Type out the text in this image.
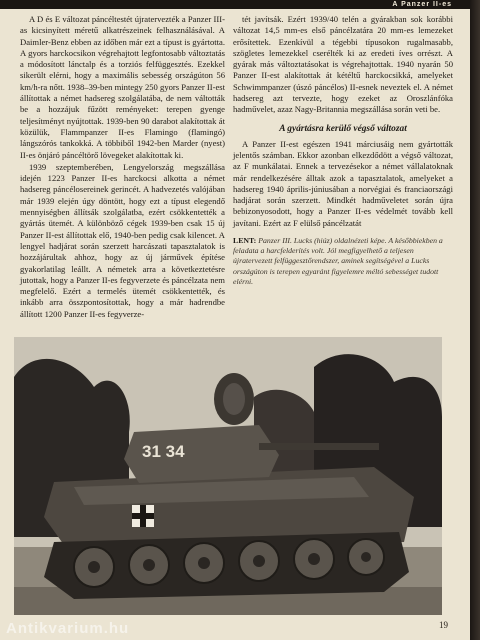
A Panzer II-es

A D és E változat páncéltestét újratervezték a Panzer III-as kicsinyített méretű alkatrészeinek felhasználásával. A Daimler-Benz ebben az időben már ezt a típust is gyártotta. A gyors harckocsikon végrehajtott legfontosabb változtatás a módosított lánctalp és a torziós felfüggesztés. Ezekkel sikerült elérni, hogy a maximális sebesség országúton 56 km/h-ra nőtt. 1938–39-ben mintegy 250 gyors Panzer II-est állítottak a német hadsereg szolgálatába, de nem váltották be a hozzájuk fűzött reményeket: terepen gyenge teljesítményt nyújtottak. 1939-ben 90 darabot alakítottak át közülük, Flammpanzer II-es Flamingo (flamingó) lángszórós tankokká. A többiből 1942-ben Marder (nyest) II-es önjáró páncéltörő lövegeket alakítottak ki.

1939 szeptemberében, Lengyelország megszállása idején 1223 Panzer II-es harckocsi alkotta a német hadsereg páncélosereinek gerincét. A hadvezetés valójában már 1939 elején úgy döntött, hogy ezt a típust elegendő mennyiségben állítsák szolgálatba, ezért csökkentették a gyártás ütemét. A különböző cégek 1939-ben csak 15 új Panzer II-est állítottak elő, 1940-ben pedig csak kilencet. A lengyel hadjárat során szerzett harcászati tapasztalatok is hozzájárultak ahhoz, hogy az új járművek építése gyakorlatilag leállt. A németek arra a következtetésre jutottak, hogy a Panzer II-es fegyverzete és páncélzata nem megfelelő. Ezért a termelés ütemét csökkentették, és inkább arra összpontosítottak, hogy a már hadrendbe állított 1200 Panzer II-es fegyverze-

tét javítsák. Ezért 1939/40 telén a gyárakban sok korábbi változat 14,5 mm-es első páncélzatára 20 mm-es lemezeket erősítettek. Ezenkívül a tégebbi típusokon rugalmasabb, szögletes lemezekkel cserélték ki az eredeti íves orrészt. A gyárak más változtatásokat is végrehajtottak. 1940 nyarán 50 Panzer II-est alakítottak át kétéltű harckocsikká, amelyeket Schwimmpanzer (úszó páncélos) II-esnek neveztek el. A német hadsereg azt tervezte, hogy ezeket az Oroszlánfóka hadművelet, azaz Nagy-Britannia megszállása során veti be.

A gyártásra kerülő végső változat

A Panzer II-est egészen 1941 márciusáig nem gyártották jelentős számban. Ekkor azonban elkezdődött a végső változat, az F munkálatai. Ennek a tervezésekor a német vállalatoknak már rendelkezésére álltak azok a tapasztalatok, amelyeket a hadsereg 1940 április-júniusában a norvégiai és franciaországi hadjárat során szerzett. Mindkét hadműveletet során újra bebizonyosodott, hogy a Panzer II-es védelmét tovább kell javítani. Ezért az F elülső páncélzatát

LENT: Panzer III. Lucks (hiúz) oldalnézeti képe. A későbbiekben a feladata a harcfelderítés volt. Jól megfigyelhető a teljesen újratervezett felfüggesztőrendszer, aminek segítségével a Lucks országúton is terepen egyaránt figyelemre méltó sebességet tudott elérni.
31 34
19
Antikvarium.hu
